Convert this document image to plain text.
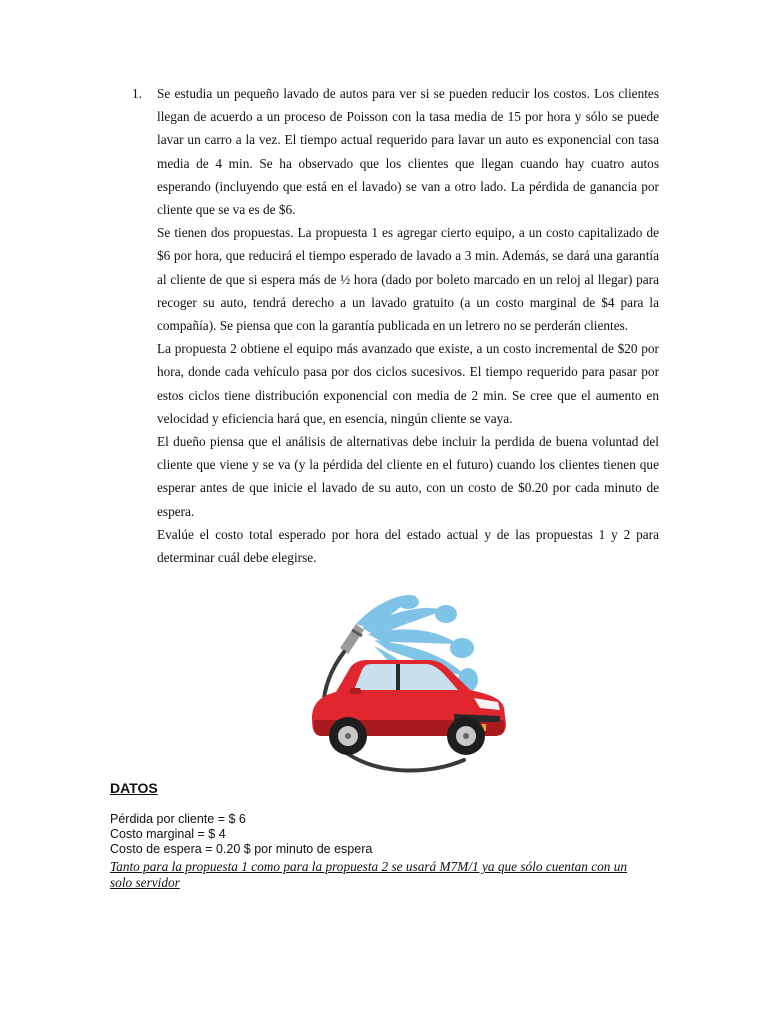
1. Se estudia un pequeño lavado de autos para ver si se pueden reducir los costos. Los clientes llegan de acuerdo a un proceso de Poisson con la tasa media de 15 por hora y sólo se puede lavar un carro a la vez. El tiempo actual requerido para lavar un auto es exponencial con tasa media de 4 min. Se ha observado que los clientes que llegan cuando hay cuatro autos esperando (incluyendo que está en el lavado) se van a otro lado. La pérdida de ganancia por cliente que se va es de $6.

Se tienen dos propuestas. La propuesta 1 es agregar cierto equipo, a un costo capitalizado de $6 por hora, que reducirá el tiempo esperado de lavado a 3 min. Además, se dará una garantía al cliente de que si espera más de ½ hora (dado por boleto marcado en un reloj al llegar) para recoger su auto, tendrá derecho a un lavado gratuito (a un costo marginal de $4 para la compañía). Se piensa que con la garantía publicada en un letrero no se perderán clientes.

La propuesta 2 obtiene el equipo más avanzado que existe, a un costo incremental de $20 por hora, donde cada vehículo pasa por dos ciclos sucesivos. El tiempo requerido para pasar por estos ciclos tiene distribución exponencial con media de 2 min. Se cree que el aumento en velocidad y eficiencia hará que, en esencia, ningún cliente se vaya.

El dueño piensa que el análisis de alternativas debe incluir la perdida de buena voluntad del cliente que viene y se va (y la pérdida del cliente en el futuro) cuando los clientes tienen que esperar antes de que inicie el lavado de su auto, con un costo de $0.20 por cada minuto de espera.

Evalúe el costo total esperado por hora del estado actual y de las propuestas 1 y 2 para determinar cuál debe elegirse.

DATOS
Pérdida por cliente = $ 6
Costo marginal = $ 4
Costo de espera = 0.20 $ por minuto de espera
Tanto para la propuesta 1 como para la propuesta 2 se usará M7M/1 ya que sólo cuentan con un solo servidor
